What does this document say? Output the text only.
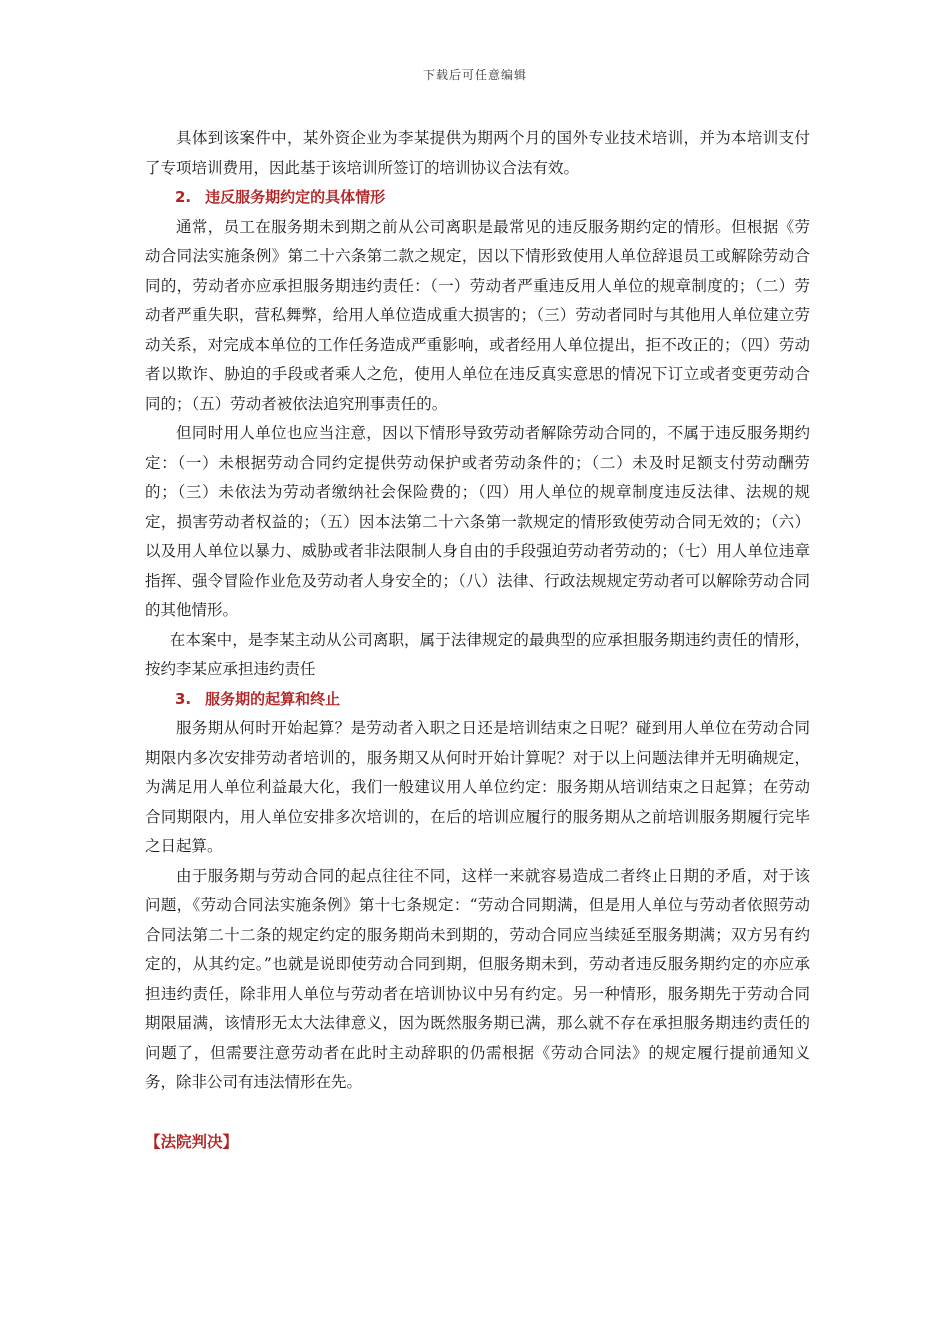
下载后可任意编辑

具体到该案件中，某外资企业为李某提供为期两个月的国外专业技术培训，并为本培训支付了专项培训费用，因此基于该培训所签订的培训协议合法有效。

2. 违反服务期约定的具体情形

通常，员工在服务期未到期之前从公司离职是最常见的违反服务期约定的情形。但根据《劳动合同法实施条例》第二十六条第二款之规定，因以下情形致使用人单位辞退员工或解除劳动合同的，劳动者亦应承担服务期违约责任：（一）劳动者严重违反用人单位的规章制度的；（二）劳动者严重失职，营私舞弊，给用人单位造成重大损害的；（三）劳动者同时与其他用人单位建立劳动关系，对完成本单位的工作任务造成严重影响，或者经用人单位提出，拒不改正的；（四）劳动者以欺诈、胁迫的手段或者乘人之危，使用人单位在违反真实意思的情况下订立或者变更劳动合同的；（五）劳动者被依法追究刑事责任的。

但同时用人单位也应当注意，因以下情形导致劳动者解除劳动合同的，不属于违反服务期约定：（一）未根据劳动合同约定提供劳动保护或者劳动条件的；（二）未及时足额支付劳动酬劳的；（三）未依法为劳动者缴纳社会保险费的；（四）用人单位的规章制度违反法律、法规的规定，损害劳动者权益的；（五）因本法第二十六条第一款规定的情形致使劳动合同无效的；（六）以及用人单位以暴力、威胁或者非法限制人身自由的手段强迫劳动者劳动的；（七）用人单位违章指挥、强令冒险作业危及劳动者人身安全的；（八）法律、行政法规规定劳动者可以解除劳动合同的其他情形。

在本案中，是李某主动从公司离职，属于法律规定的最典型的应承担服务期违约责任的情形，按约李某应承担违约责任

3. 服务期的起算和终止

服务期从何时开始起算？是劳动者入职之日还是培训结束之日呢？碰到用人单位在劳动合同期限内多次安排劳动者培训的，服务期又从何时开始计算呢？对于以上问题法律并无明确规定，为满足用人单位利益最大化，我们一般建议用人单位约定：服务期从培训结束之日起算；在劳动合同期限内，用人单位安排多次培训的，在后的培训应履行的服务期从之前培训服务期履行完毕之日起算。

由于服务期与劳动合同的起点往往不同，这样一来就容易造成二者终止日期的矛盾，对于该问题，《劳动合同法实施条例》第十七条规定：“劳动合同期满，但是用人单位与劳动者依照劳动合同法第二十二条的规定约定的服务期尚未到期的，劳动合同应当续延至服务期满；双方另有约定的，从其约定。”也就是说即使劳动合同到期，但服务期未到，劳动者违反服务期约定的亦应承担违约责任，除非用人单位与劳动者在培训协议中另有约定。另一种情形，服务期先于劳动合同期限届满，该情形无太大法律意义，因为既然服务期已满，那么就不存在承担服务期违约责任的问题了，但需要注意劳动者在此时主动辞职的仍需根据《劳动合同法》的规定履行提前通知义务，除非公司有违法情形在先。

【法院判决】
